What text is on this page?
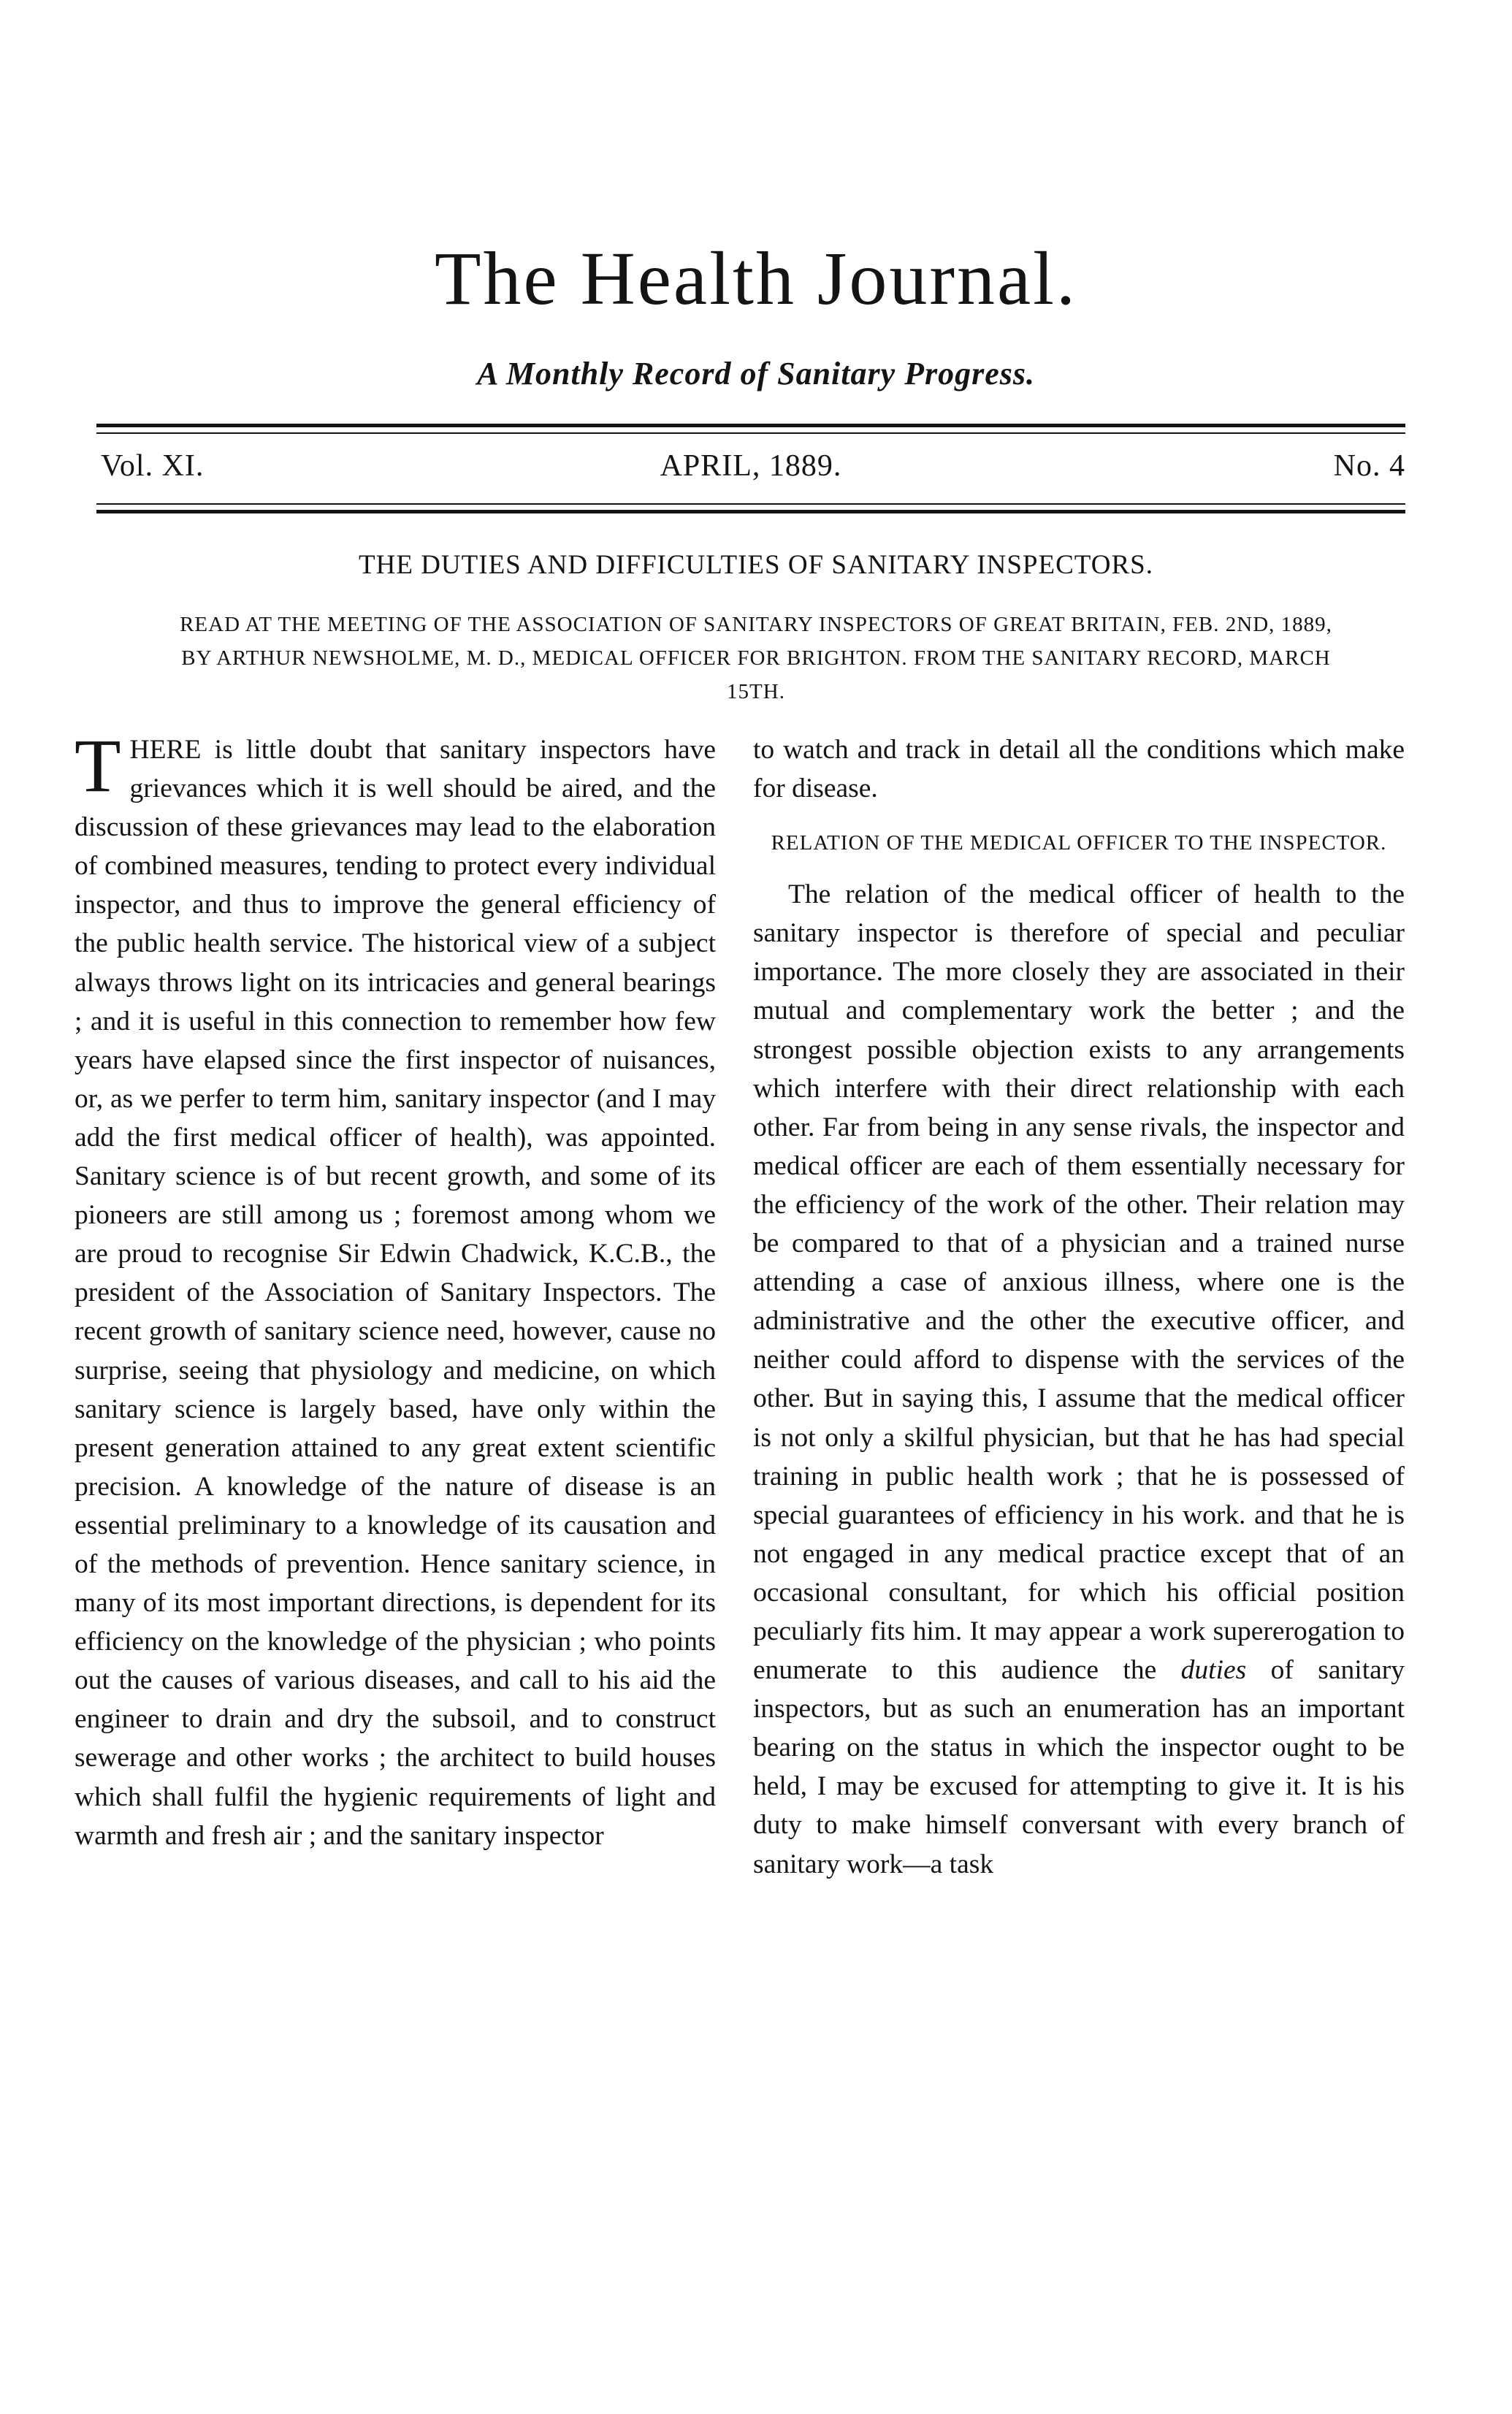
The Health Journal.
A Monthly Record of Sanitary Progress.
Vol. XI.	APRIL, 1889.	No. 4
THE DUTIES AND DIFFICULTIES OF SANITARY INSPECTORS.
READ AT THE MEETING OF THE ASSOCIATION OF SANITARY INSPECTORS OF GREAT BRITAIN, FEB. 2ND, 1889, BY ARTHUR NEWSHOLME, M. D., MEDICAL OFFICER FOR BRIGHTON. FROM THE SANITARY RECORD, MARCH 15TH.

THERE is little doubt that sanitary inspectors have grievances which it is well should be aired, and the discussion of these grievances may lead to the elaboration of combined measures, tending to protect every individual inspector, and thus to improve the general efficiency of the public health service. The historical view of a subject always throws light on its intricacies and general bearings ; and it is useful in this connection to remember how few years have elapsed since the first inspector of nuisances, or, as we perfer to term him, sanitary inspector (and I may add the first medical officer of health), was appointed. Sanitary science is of but recent growth, and some of its pioneers are still among us ; foremost among whom we are proud to recognise Sir Edwin Chadwick, K.C.B., the president of the Association of Sanitary Inspectors. The recent growth of sanitary science need, however, cause no surprise, seeing that physiology and medicine, on which sanitary science is largely based, have only within the present generation attained to any great extent scientific precision. A knowledge of the nature of disease is an essential preliminary to a knowledge of its causation and of the methods of prevention. Hence sanitary science, in many of its most important directions, is dependent for its efficiency on the knowledge of the physician ; who points out the causes of various diseases, and call to his aid the engineer to drain and dry the subsoil, and to construct sewerage and other works ; the architect to build houses which shall fulfil the hygienic requirements of light and warmth and fresh air ; and the sanitary inspector

to watch and track in detail all the conditions which make for disease.

RELATION OF THE MEDICAL OFFICER TO THE INSPECTOR.

The relation of the medical officer of health to the sanitary inspector is therefore of special and peculiar importance. The more closely they are associated in their mutual and complementary work the better ; and the strongest possible objection exists to any arrangements which interfere with their direct relationship with each other. Far from being in any sense rivals, the inspector and medical officer are each of them essentially necessary for the efficiency of the work of the other. Their relation may be compared to that of a physician and a trained nurse attending a case of anxious illness, where one is the administrative and the other the executive officer, and neither could afford to dispense with the services of the other. But in saying this, I assume that the medical officer is not only a skilful physician, but that he has had special training in public health work ; that he is possessed of special guarantees of efficiency in his work. and that he is not engaged in any medical practice except that of an occasional consultant, for which his official position peculiarly fits him. It may appear a work supererogation to enumerate to this audience the duties of sanitary inspectors, but as such an enumeration has an important bearing on the status in which the inspector ought to be held, I may be excused for attempting to give it. It is his duty to make himself conversant with every branch of sanitary work—a task
